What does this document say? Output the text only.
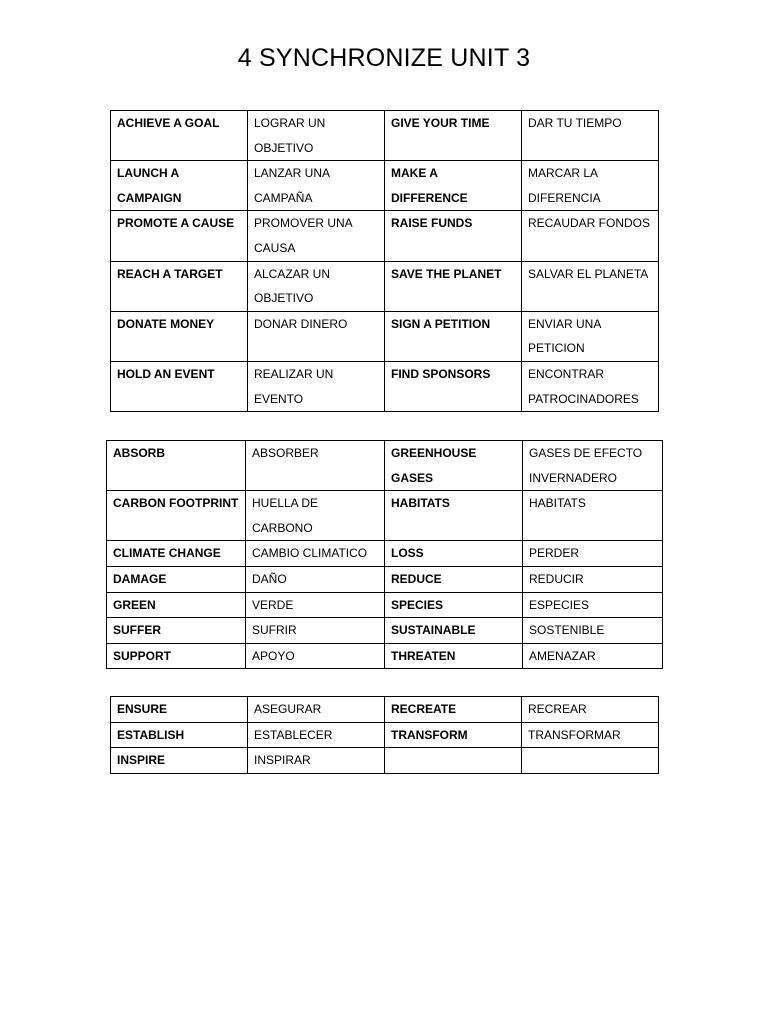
4 SYNCHRONIZE UNIT 3
ACHIEVE A GOAL	LOGRAR UN OBJETIVO	GIVE YOUR TIME	DAR TU TIEMPO
LAUNCH A CAMPAIGN	LANZAR UNA CAMPAÑA	MAKE A DIFFERENCE	MARCAR LA DIFERENCIA
PROMOTE A CAUSE	PROMOVER UNA CAUSA	RAISE FUNDS	RECAUDAR FONDOS
REACH A TARGET	ALCAZAR UN OBJETIVO	SAVE THE PLANET	SALVAR EL PLANETA
DONATE MONEY	DONAR DINERO	SIGN A PETITION	ENVIAR UNA PETICION
HOLD AN EVENT	REALIZAR UN EVENTO	FIND SPONSORS	ENCONTRAR PATROCINADORES
ABSORB	ABSORBER	GREENHOUSE GASES	GASES DE EFECTO INVERNADERO
CARBON FOOTPRINT	HUELLA DE CARBONO	HABITATS	HABITATS
CLIMATE CHANGE	CAMBIO CLIMATICO	LOSS	PERDER
DAMAGE	DAÑO	REDUCE	REDUCIR
GREEN	VERDE	SPECIES	ESPECIES
SUFFER	SUFRIR	SUSTAINABLE	SOSTENIBLE
SUPPORT	APOYO	THREATEN	AMENAZAR
ENSURE	ASEGURAR	RECREATE	RECREAR
ESTABLISH	ESTABLECER	TRANSFORM	TRANSFORMAR
INSPIRE	INSPIRAR		
